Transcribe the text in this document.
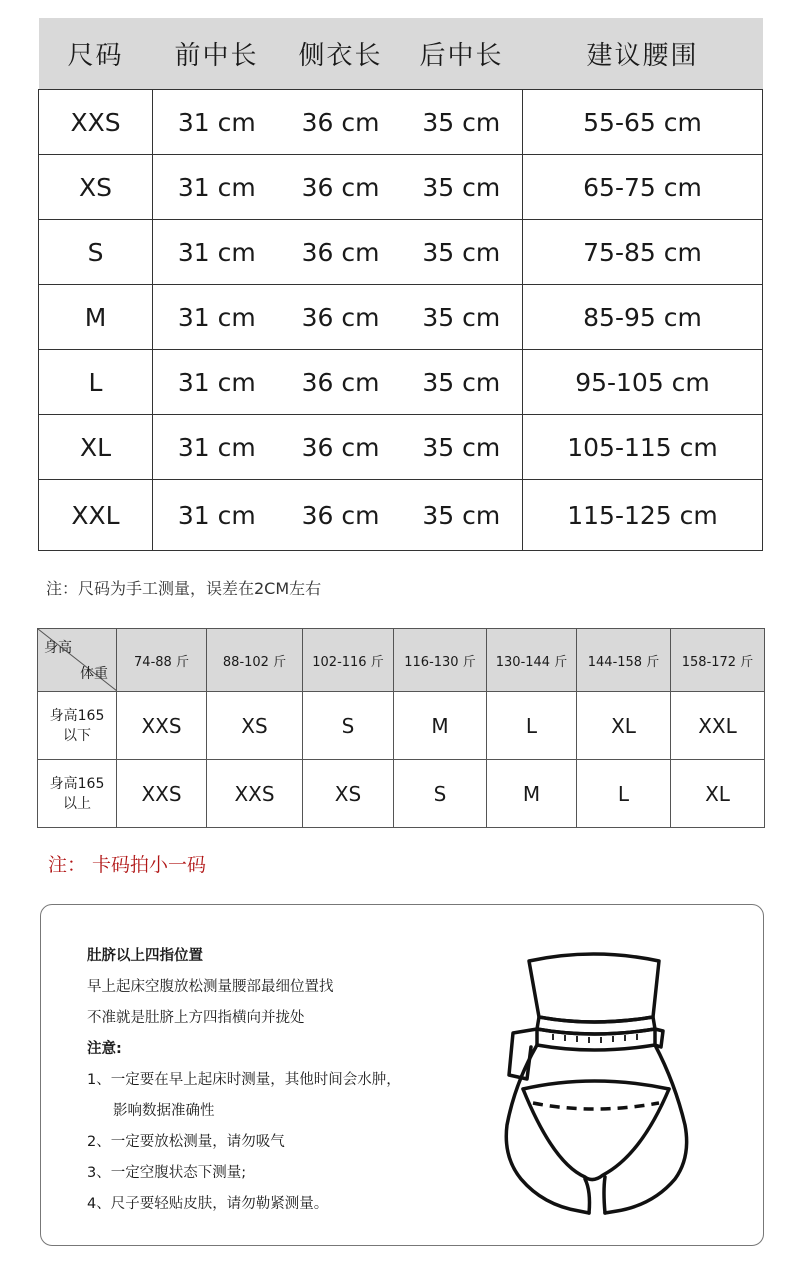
尺码	前中长	侧衣长	后中长	建议腰围
XXS	31 cm	36 cm	35 cm	55-65 cm
XS	31 cm	36 cm	35 cm	65-75 cm
S	31 cm	36 cm	35 cm	75-85 cm
M	31 cm	36 cm	35 cm	85-95 cm
L	31 cm	36 cm	35 cm	95-105 cm
XL	31 cm	36 cm	35 cm	105-115 cm
XXL	31 cm	36 cm	35 cm	115-125 cm
注：尺码为手工测量，误差在2CM左右
身高
体重	74-88 斤	88-102 斤	102-116 斤	116-130 斤	130-144 斤	144-158 斤	158-172 斤

身高165
以下	XXS	XS	S	M	L	XL	XXL

身高165
以上	XXS	XXS	XS	S	M	L	XL
注： 卡码拍小一码
肚脐以上四指位置
早上起床空腹放松测量腰部最细位置找
不准就是肚脐上方四指横向并拢处
注意:
1、一定要在早上起床时测量，其他时间会水肿，
影响数据准确性
2、一定要放松测量，请勿吸气
3、一定空腹状态下测量;
4、尺子要轻贴皮肤，请勿勒紧测量。
